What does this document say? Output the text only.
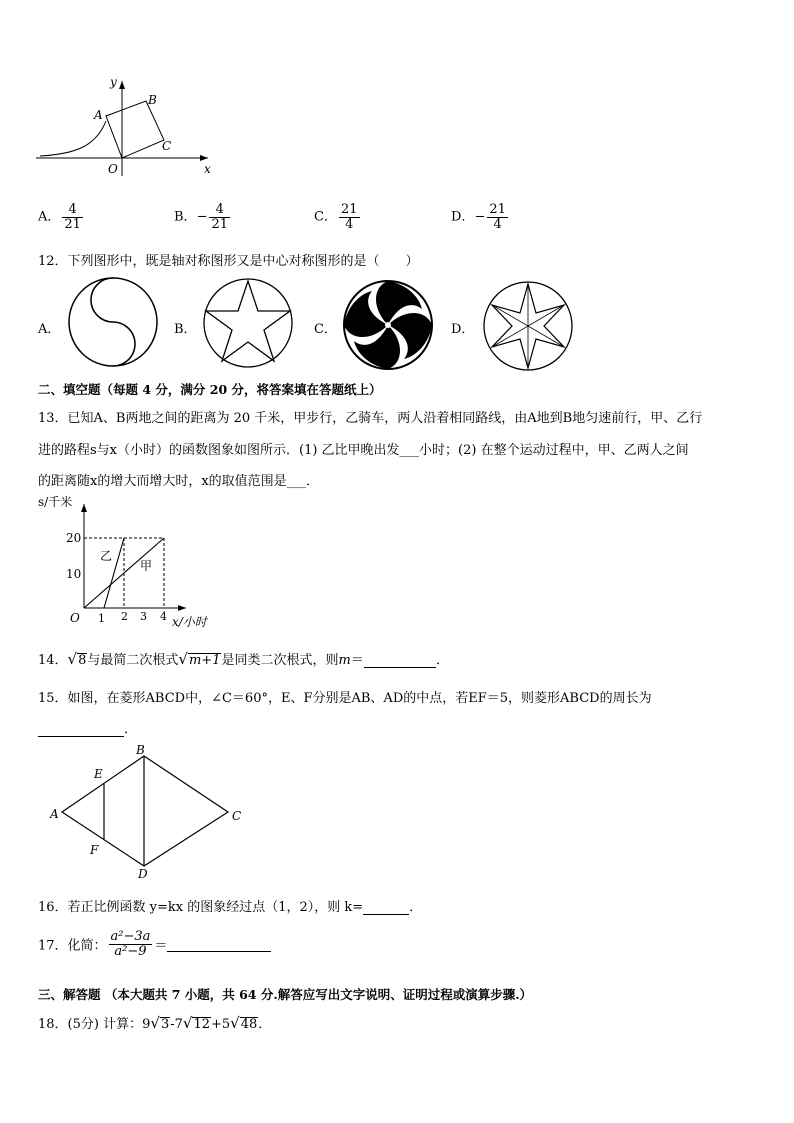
y
x
A
B
C
O
A． $\frac{4}{21}$	B．− $\frac{4}{21}$	C． $\frac{21}{4}$	D．− $\frac{21}{4}$
12．下列图形中，既是轴对称图形又是中心对称图形的是（　　）
A．	B．	C．	D．
二、填空题（每题 4 分，满分 20 分，将答案填在答题纸上）
13．已知A、B两地之间的距离为 20 千米，甲步行，乙骑车，两人沿着相同路线，由A地到B地匀速前行，甲、乙行
进的路程s与x（小时）的函数图象如图所示．(1) 乙比甲晚出发___小时；(2) 在整个运动过程中，甲、乙两人之间
的距离随x的增大而增大时，x的取值范围是___．
s/千米
20
10
O 1 2 3 4 x/小时
乙
甲
14．√8与最简二次根式√m+1是同类二次根式，则m＝	．
15．如图，在菱形ABCD中，∠C＝60°，E、F分别是AB、AD的中点，若EF＝5，则菱形ABCD的周长为
．
A
B
C
D
E
F
16．若正比例函数 y=kx 的图象经过点（1，2），则 k=	．
17．化简： $\frac{\text{a²−3a}}{\text{a²−9}}$ ＝
三、解答题 （本大题共 7 小题，共 64 分.解答应写出文字说明、证明过程或演算步骤.）
18．(5分) 计算：9√3-7√12+5√48．
